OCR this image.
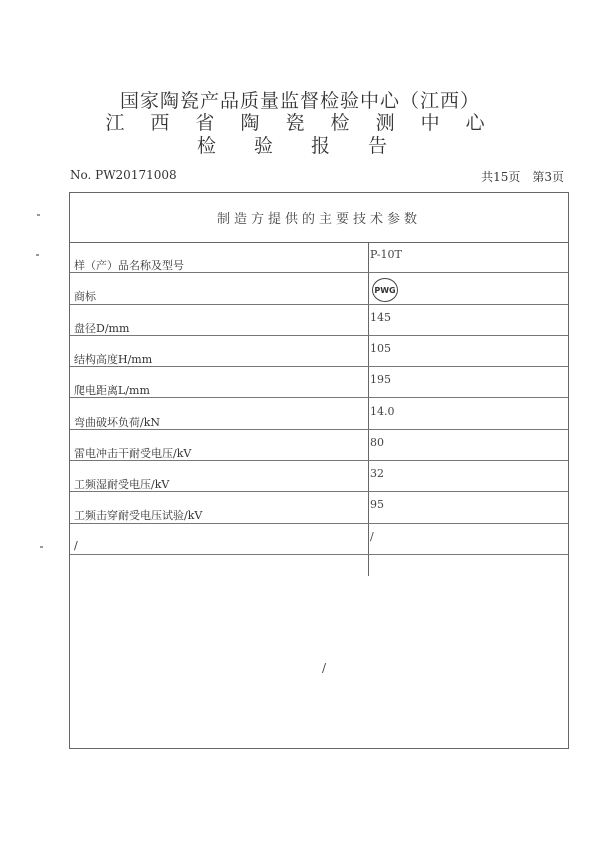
国家陶瓷产品质量监督检验中心（江西）
江 西 省 陶 瓷 检 测 中 心
检 验 报 告
No. PW20171008	共15页　第3页
制造方提供的主要技术参数
样（产）品名称及型号
P-10T
商标	PWG
盘径D/mm
145
结构高度H/mm
105
爬电距离L/mm
195
弯曲破坏负荷/kN
14.0
雷电冲击干耐受电压/kV
80
工频湿耐受电压/kV
32
工频击穿耐受电压试验/kV
95
/
/
/
